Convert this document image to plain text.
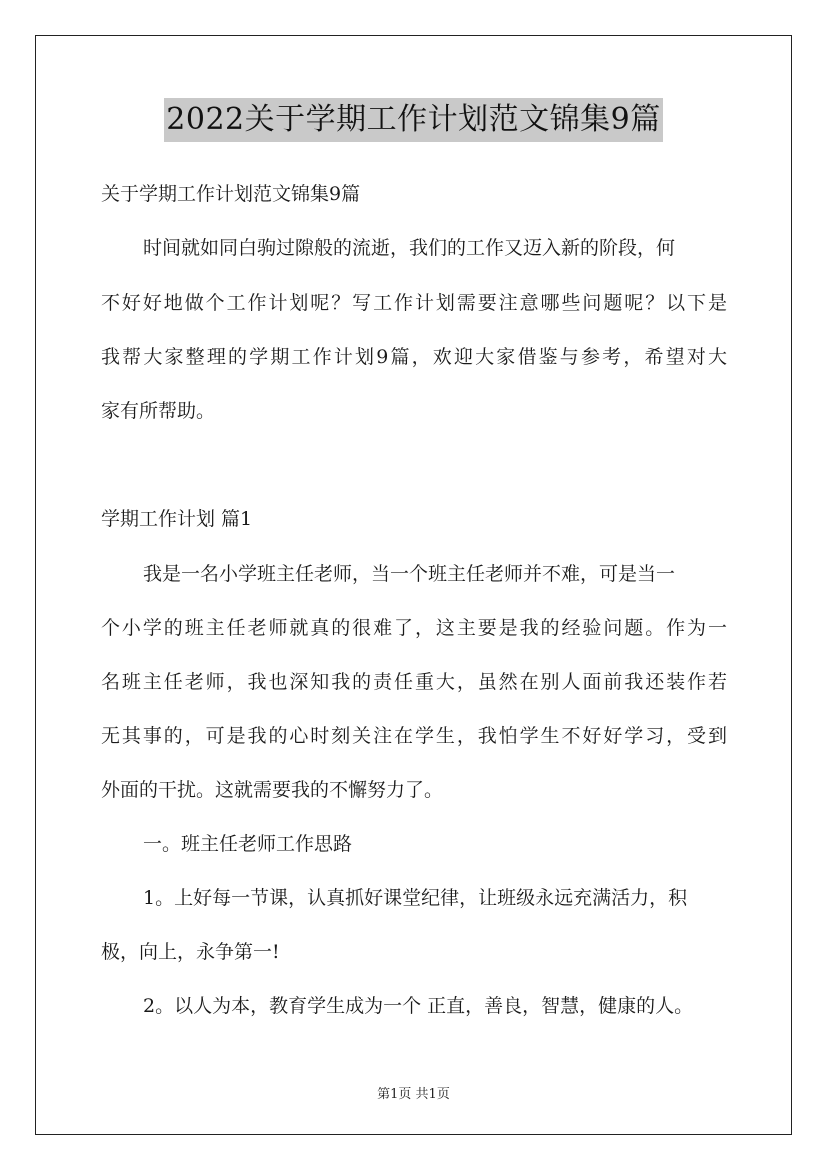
2022关于学期工作计划范文锦集9篇
关于学期工作计划范文锦集9篇
时间就如同白驹过隙般的流逝，我们的工作又迈入新的阶段，何
不好好地做个工作计划呢？写工作计划需要注意哪些问题呢？以下是
我帮大家整理的学期工作计划9篇，欢迎大家借鉴与参考，希望对大
家有所帮助。
学期工作计划 篇1
我是一名小学班主任老师，当一个班主任老师并不难，可是当一
个小学的班主任老师就真的很难了，这主要是我的经验问题。作为一
名班主任老师，我也深知我的责任重大，虽然在别人面前我还装作若
无其事的，可是我的心时刻关注在学生，我怕学生不好好学习，受到
外面的干扰。这就需要我的不懈努力了。
一。班主任老师工作思路
1。上好每一节课，认真抓好课堂纪律，让班级永远充满活力，积
极，向上，永争第一!
2。以人为本，教育学生成为一个 正直，善良，智慧，健康的人。
第1页 共1页
